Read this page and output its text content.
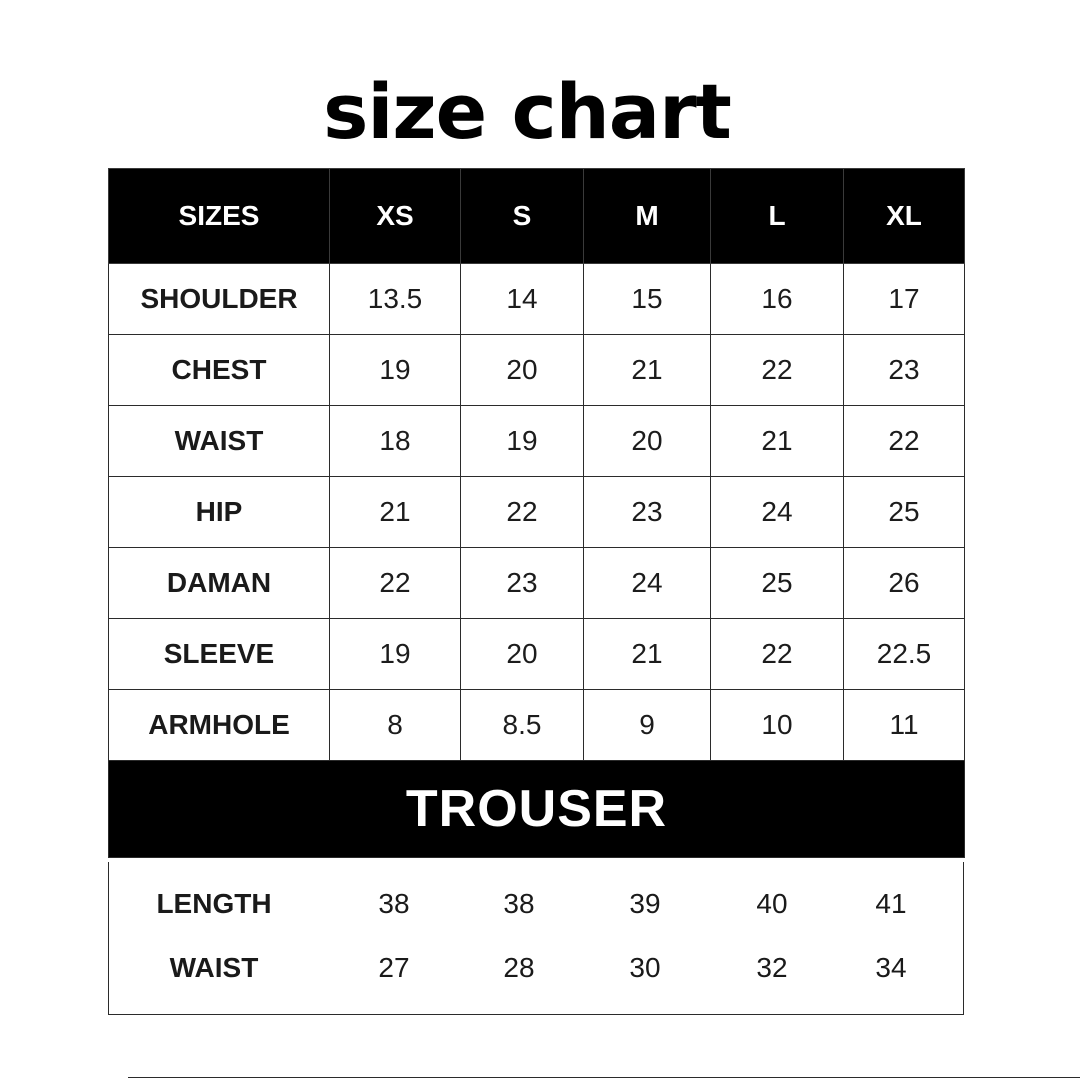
size chart
SIZES	XS	S	M	L	XL
SHOULDER	13.5	14	15	16	17
CHEST	19	20	21	22	23
WAIST	18	19	20	21	22
HIP	21	22	23	24	25
DAMAN	22	23	24	25	26
SLEEVE	19	20	21	22	22.5
ARMHOLE	8	8.5	9	10	11
TROUSER					
LENGTH	38	38	39	40	41
WAIST	27	28	30	32	34
